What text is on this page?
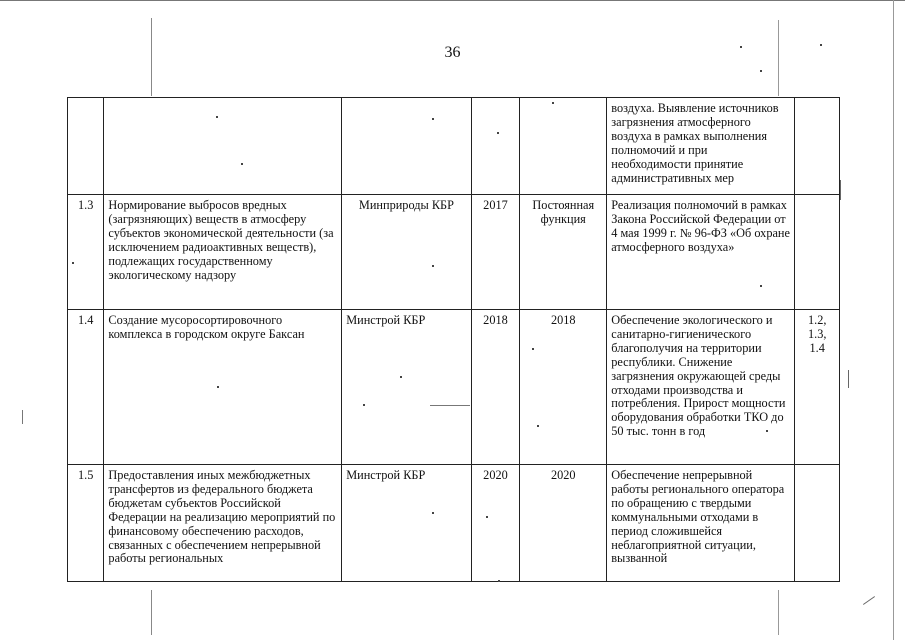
36
					воздуха. Выявление источников загрязнения атмосферного воздуха в рамках выполнения полномочий и при необходимости принятие административных мер	
1.3	Нормирование выбросов вредных (загрязняющих) веществ в атмосферу субъектов экономической деятельности (за исключением радиоактивных веществ), подлежащих государственному экологическому надзору	Минприроды КБР	2017	Постоянная функция	Реализация полномочий в рамках Закона Российской Федерации от 4 мая 1999 г. № 96-ФЗ «Об охране атмосферного воздуха»	
1.4	Создание мусоросортировочного комплекса в городском округе Баксан	Минстрой КБР	2018	2018	Обеспечение экологического и санитарно-гигиенического благополучия на территории республики. Снижение загрязнения окружающей среды отходами производства и потребления. Прирост мощности оборудования обработки ТКО до 50 тыс. тонн в год	1.2, 1.3, 1.4
1.5	Предоставления иных межбюджетных трансфертов из федерального бюджета бюджетам субъектов Российской Федерации на реализацию мероприятий по финансовому обеспечению расходов, связанных с обеспечением непрерывной работы региональных	Минстрой КБР	2020	2020	Обеспечение непрерывной работы регионального оператора по обращению с твердыми коммунальными отходами в период сложившейся неблагоприятной ситуации, вызванной	
